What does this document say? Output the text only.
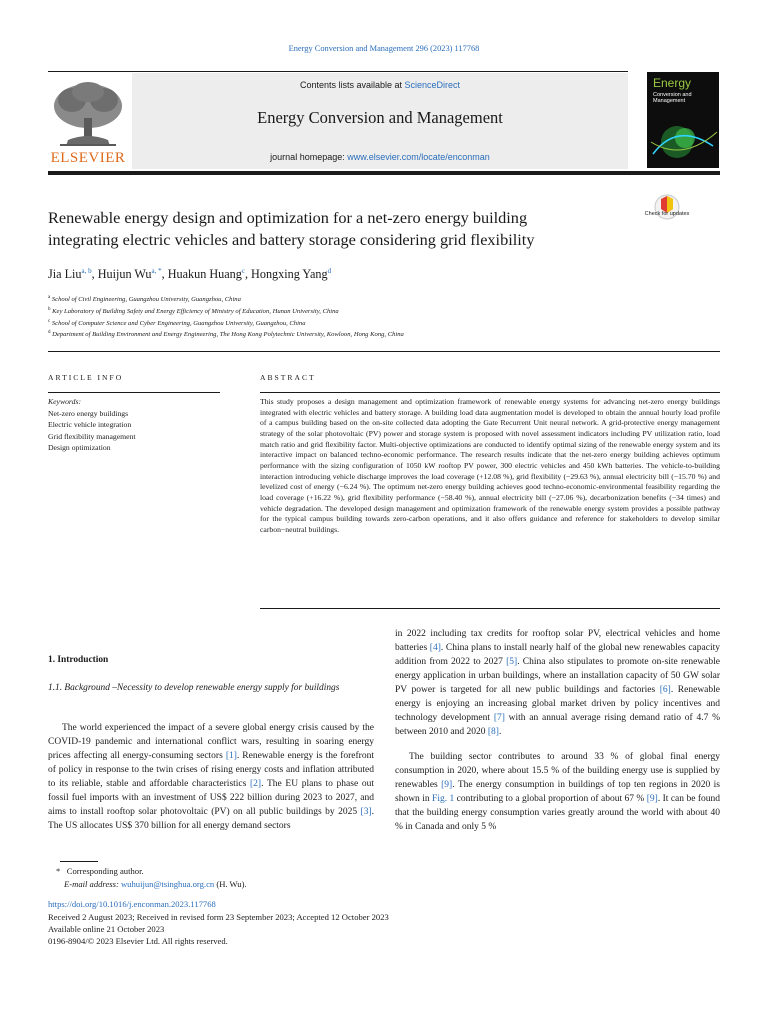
Energy Conversion and Management 296 (2023) 117768
ELSEVIER
Contents lists available at ScienceDirect
Energy Conversion and Management
journal homepage: www.elsevier.com/locate/enconman
Energy
Conversion and Management
Renewable energy design and optimization for a net-zero energy building
integrating electric vehicles and battery storage considering grid flexibility
Check for updates
Jia Liu$^{a, b}$, Huijun $Wu^{a, *}$, Huakun Huang$^c$, Hongxing Yang$^d$
$^a$ School of Civil Engineering, Guangzhou University, Guangzhou, China
$^b$ Key Laboratory of Building Safety and Energy Efficiency of Ministry of Education, Hunan University, China
$^c$ School of Computer Science and Cyber Engineering, Guangzhou University, Guangzhou, China
$^d$ Department of Building Environment and Energy Engineering, The Hong Kong Polytechnic University, Kowloon, Hong Kong, China
ARTICLE INFO	ABSTRACT
Keywords:
Net-zero energy buildings
Electric vehicle integration
Grid flexibility management
Design optimization
This study proposes a design management and optimization framework of renewable energy systems for advancing net-zero energy buildings integrated with electric vehicles and battery storage. A building load data augmentation model is developed to obtain the annual hourly load profile of a campus building based on the on-site collected data adopting the Gate Recurrent Unit neural network. A grid-protective energy management strategy of the solar photovoltaic (PV) power and storage system is proposed with novel assessment indicators including PV utilization ratio, load match ratio and grid flexibility factor. Multi-objective optimizations are conducted to identify optimal sizing of the renewable energy system and its interactive impact on balanced techno-economic performance. The research results indicate that the net-zero energy building achieves optimum performance with the sizing configuration of 1050 kW rooftop PV power, 300 electric vehicles and 450 kWh batteries. The vehicle-to-building interaction introducing vehicle discharge improves the load coverage (+12.08 %), grid flexibility (−29.63 %), annual electricity bill (−15.70 %) and levelized cost of energy (−6.24 %). The optimum net-zero energy building achieves good techno-economic-environmental feasibility regarding the load coverage (+16.22 %), grid flexibility performance (−58.40 %), annual electricity bill (−27.06 %), decarbonization benefits (−34 times) and vehicle degradation. The developed design management and optimization framework of the renewable energy system provides a possible pathway for the typical campus building towards zero-carbon operations, and it also offers guidance and reference for stakeholders to develop similar carbon−neutral buildings.
1. Introduction
1.1. Background –Necessity to develop renewable energy supply for buildings
The world experienced the impact of a severe global energy crisis caused by the COVID-19 pandemic and international conflict wars, resulting in soaring energy prices affecting all energy-consuming sectors [1]. Renewable energy is the forefront of policy in response to the twin crises of rising energy costs and inflation attributed to its reliable, stable and affordable characteristics [2]. The EU plans to phase out fossil fuel imports with an investment of US$ 222 billion during 2023 to 2027, and aims to install rooftop solar photovoltaic (PV) on all public buildings by 2025 [3]. The US allocates US$ 370 billion for all energy demand sectors
in 2022 including tax credits for rooftop solar PV, electrical vehicles and home batteries [4]. China plans to install nearly half of the global new renewables capacity addition from 2022 to 2027 [5]. China also stipulates to promote on-site renewable energy application in urban buildings, where an installation capacity of 50 GW solar PV power is targeted for all new public buildings and factories [6]. Renewable energy is enjoying an increasing global market driven by policy incentives and technology development [7] with an annual average rising demand ratio of 4.7 % between 2010 and 2020 [8].
The building sector contributes to around 33 % of global final energy consumption in 2020, where about 15.5 % of the building energy use is supplied by renewables [9]. The energy consumption in buildings of top ten regions in 2020 is shown in Fig. 1 contributing to a global proportion of about 67 % [9]. It can be found that the building energy consumption varies greatly around the world with about 40 % in Canada and only 5 %
* Corresponding author.
E-mail address: wuhuijun@tsinghua.org.cn (H. Wu).
https://doi.org/10.1016/j.enconman.2023.117768
Received 2 August 2023; Received in revised form 23 September 2023; Accepted 12 October 2023
Available online 21 October 2023
0196-8904/© 2023 Elsevier Ltd. All rights reserved.
